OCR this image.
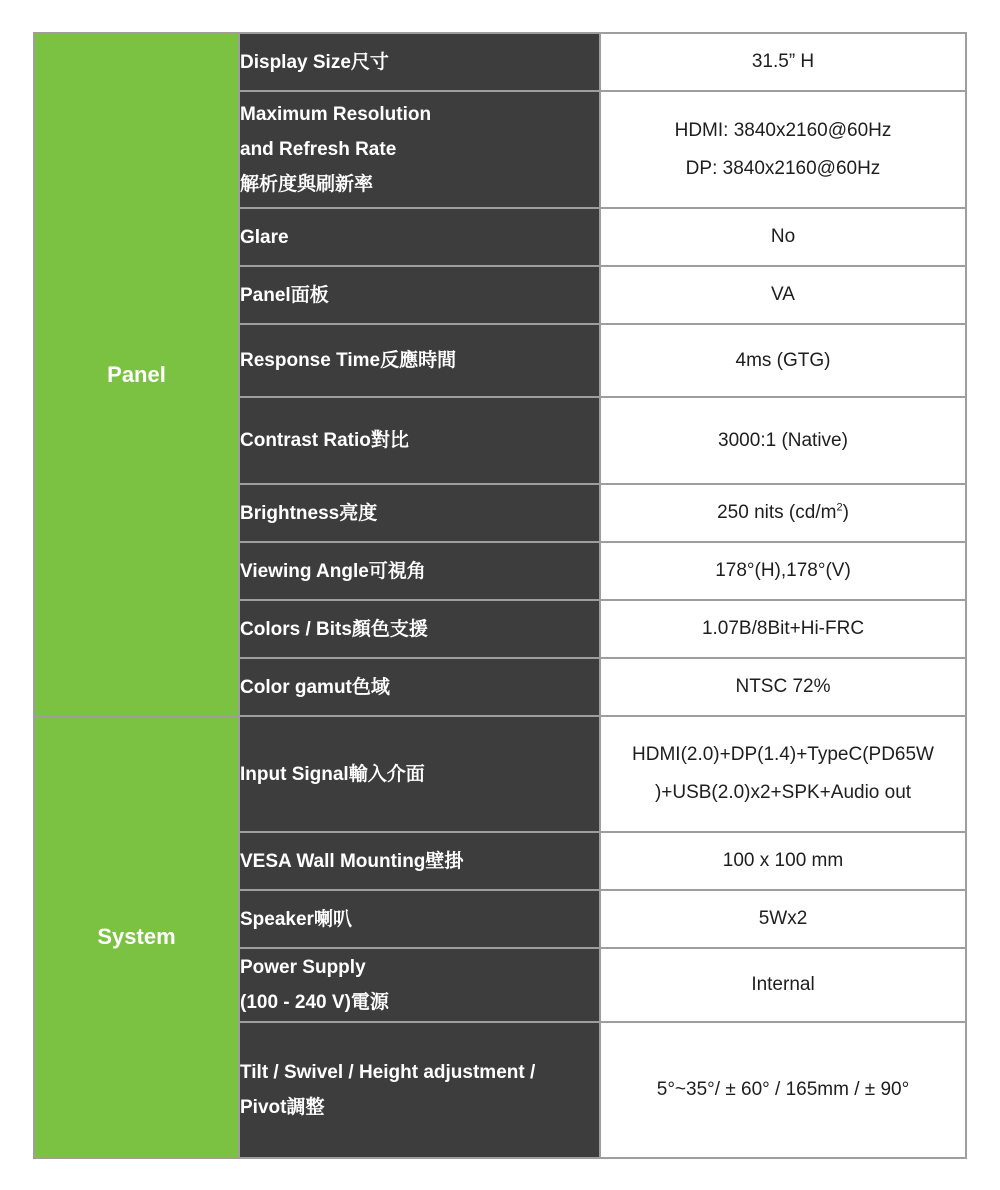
Panel	Display Size尺寸	31.5” H

	Maximum Resolution
and Refresh Rate
解析度與刷新率	HDMI: 3840x2160@60Hz
DP: 3840x2160@60Hz

	Glare	No

	Panel面板	VA

	Response Time反應時間	4ms (GTG)

	Contrast Ratio對比	3000:1 (Native)

	Brightness亮度	250 nits $(cd/m^2)$

	Viewing Angle可視角	178°(H),178°(V)

	Colors / Bits顏色支援	1.07B/8Bit+Hi-FRC

	Color gamut色域	NTSC 72%

System	Input Signal輸入介面	HDMI(2.0)+DP(1.4)+TypeC(PD65W
)+USB(2.0)x2+SPK+Audio out

	VESA Wall Mounting壁掛	100 x 100 mm

	Speaker喇叭	5Wx2

	Power Supply
(100 - 240 V)電源	Internal

	Tilt / Swivel / Height adjustment /
Pivot調整	5°~35°/ ± 60° / 165mm / ± 90°
